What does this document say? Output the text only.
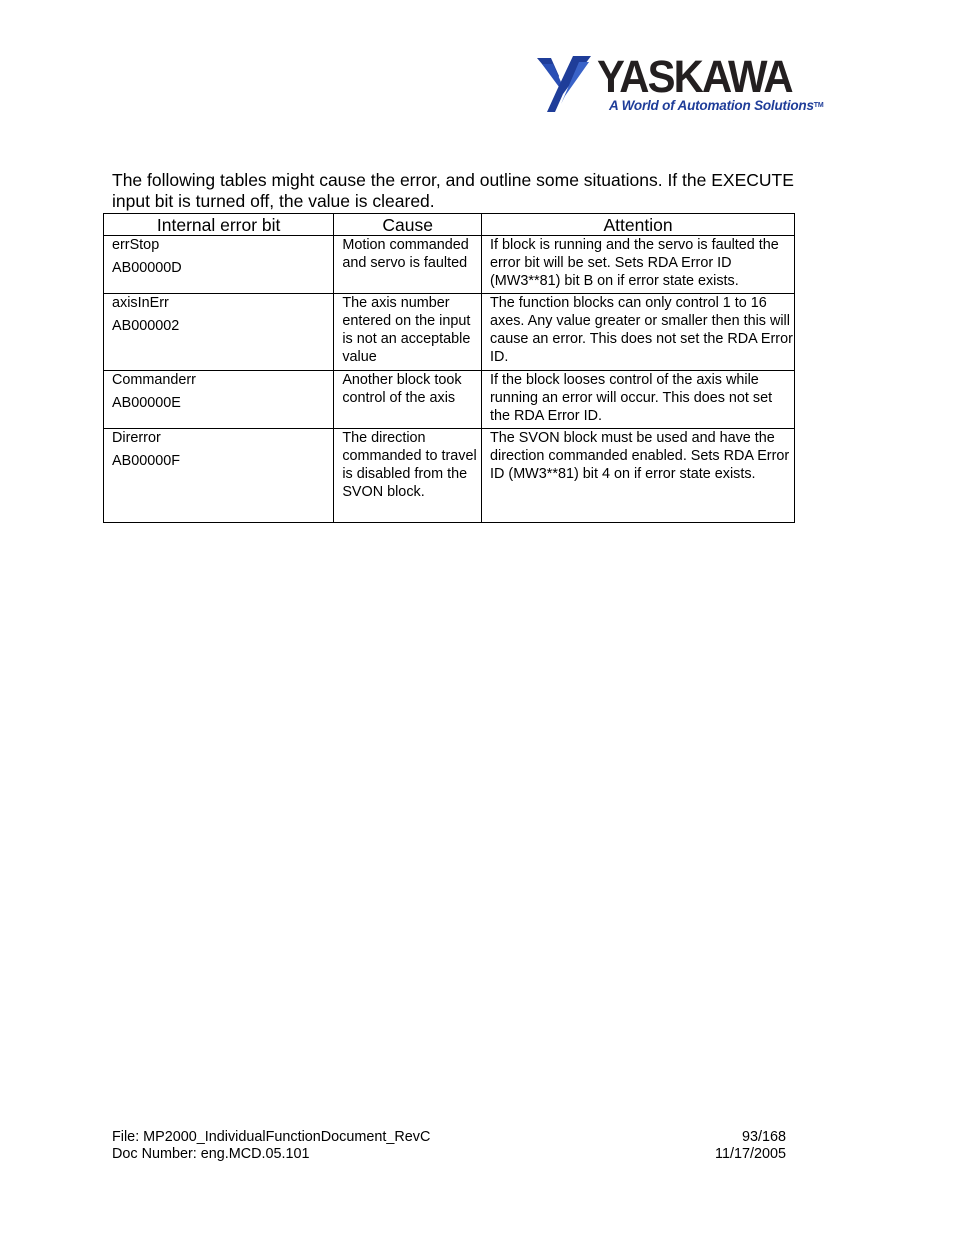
YASKAWA
A World of Automation Solutions™

The following tables might cause the error, and outline some situations. If the EXECUTE input bit is turned off, the value is cleared.

Internal error bit	Cause	Attention

errStop
AB00000D	Motion commanded and servo is faulted	If block is running and the servo is faulted the error bit will be set. Sets RDA Error ID (MW3**81) bit B on if error state exists.

axisInErr
AB000002	The axis number entered on the input is not an acceptable value	The function blocks can only control 1 to 16 axes. Any value greater or smaller then this will cause an error. This does not set the RDA Error ID.

Commanderr
AB00000E	Another block took control of the axis	If the block looses control of the axis while running an error will occur. This does not set the RDA Error ID.

Direrror
AB00000F	The direction commanded to travel is disabled from the SVON block.	The SVON block must be used and have the direction commanded enabled. Sets RDA Error ID (MW3**81) bit 4 on if error state exists.
File: MP2000_IndividualFunctionDocument_RevC
Doc Number: eng.MCD.05.101
93/168
11/17/2005
